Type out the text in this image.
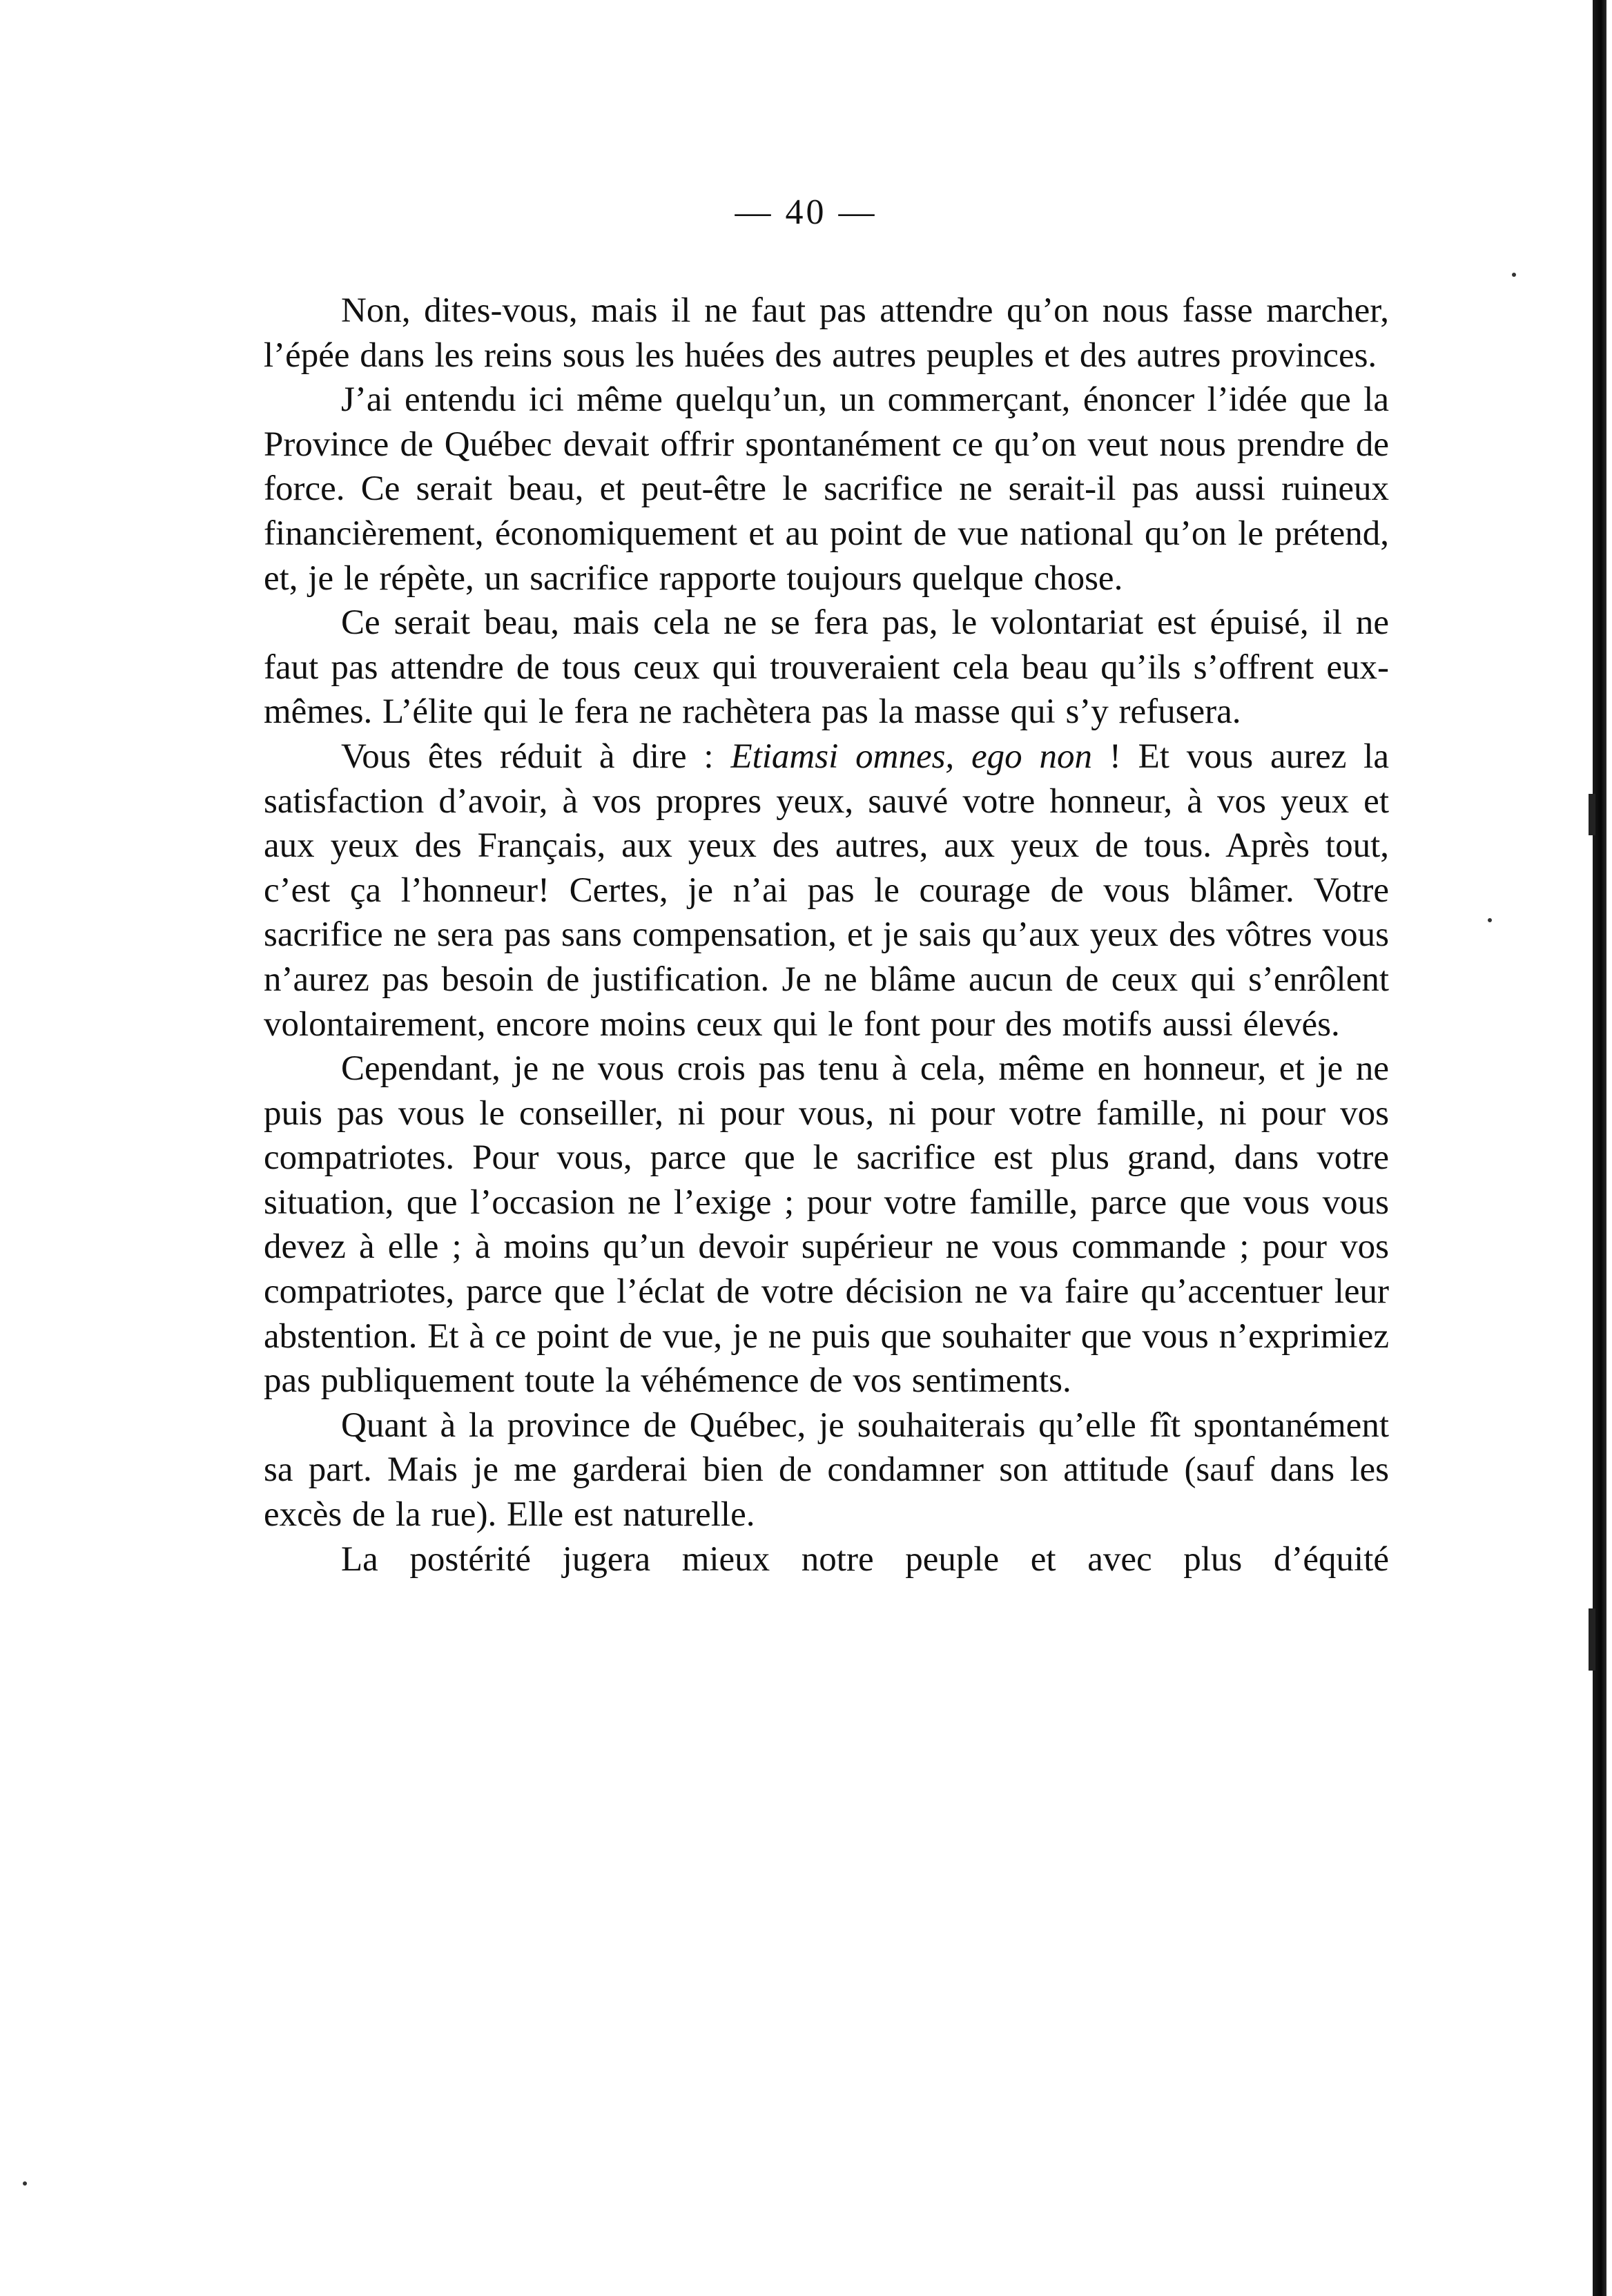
— 40 —

Non, dites-vous, mais il ne faut pas attendre qu’on nous fasse marcher, l’épée dans les reins sous les huées des autres peuples et des autres provinces.

J’ai entendu ici même quelqu’un, un commerçant, énoncer l’idée que la Province de Québec devait offrir spontanément ce qu’on veut nous prendre de force. Ce serait beau, et peut-être le sacrifice ne serait-il pas aussi ruineux financièrement, économiquement et au point de vue national qu’on le prétend, et, je le répète, un sacrifice rapporte toujours quelque chose.

Ce serait beau, mais cela ne se fera pas, le volontariat est épuisé, il ne faut pas attendre de tous ceux qui trouveraient cela beau qu’ils s’offrent eux-mêmes. L’élite qui le fera ne rachètera pas la masse qui s’y refusera.

Vous êtes réduit à dire : Etiamsi omnes, ego non ! Et vous aurez la satisfaction d’avoir, à vos propres yeux, sauvé votre honneur, à vos yeux et aux yeux des Français, aux yeux des autres, aux yeux de tous. Après tout, c’est ça l’honneur! Certes, je n’ai pas le courage de vous blâmer. Votre sacrifice ne sera pas sans compensation, et je sais qu’aux yeux des vôtres vous n’aurez pas besoin de justification. Je ne blâme aucun de ceux qui s’enrôlent volontairement, encore moins ceux qui le font pour des motifs aussi élevés.

Cependant, je ne vous crois pas tenu à cela, même en honneur, et je ne puis pas vous le conseiller, ni pour vous, ni pour votre famille, ni pour vos compatriotes. Pour vous, parce que le sacrifice est plus grand, dans votre situation, que l’occasion ne l’exige ; pour votre famille, parce que vous vous devez à elle ; à moins qu’un devoir supérieur ne vous commande ; pour vos compatriotes, parce que l’éclat de votre décision ne va faire qu’accentuer leur abstention. Et à ce point de vue, je ne puis que souhaiter que vous n’exprimiez pas publiquement toute la véhémence de vos sentiments.

Quant à la province de Québec, je souhaiterais qu’elle fît spontanément sa part. Mais je me garderai bien de condamner son attitude (sauf dans les excès de la rue). Elle est naturelle.

La postérité jugera mieux notre peuple et avec plus d’équité
